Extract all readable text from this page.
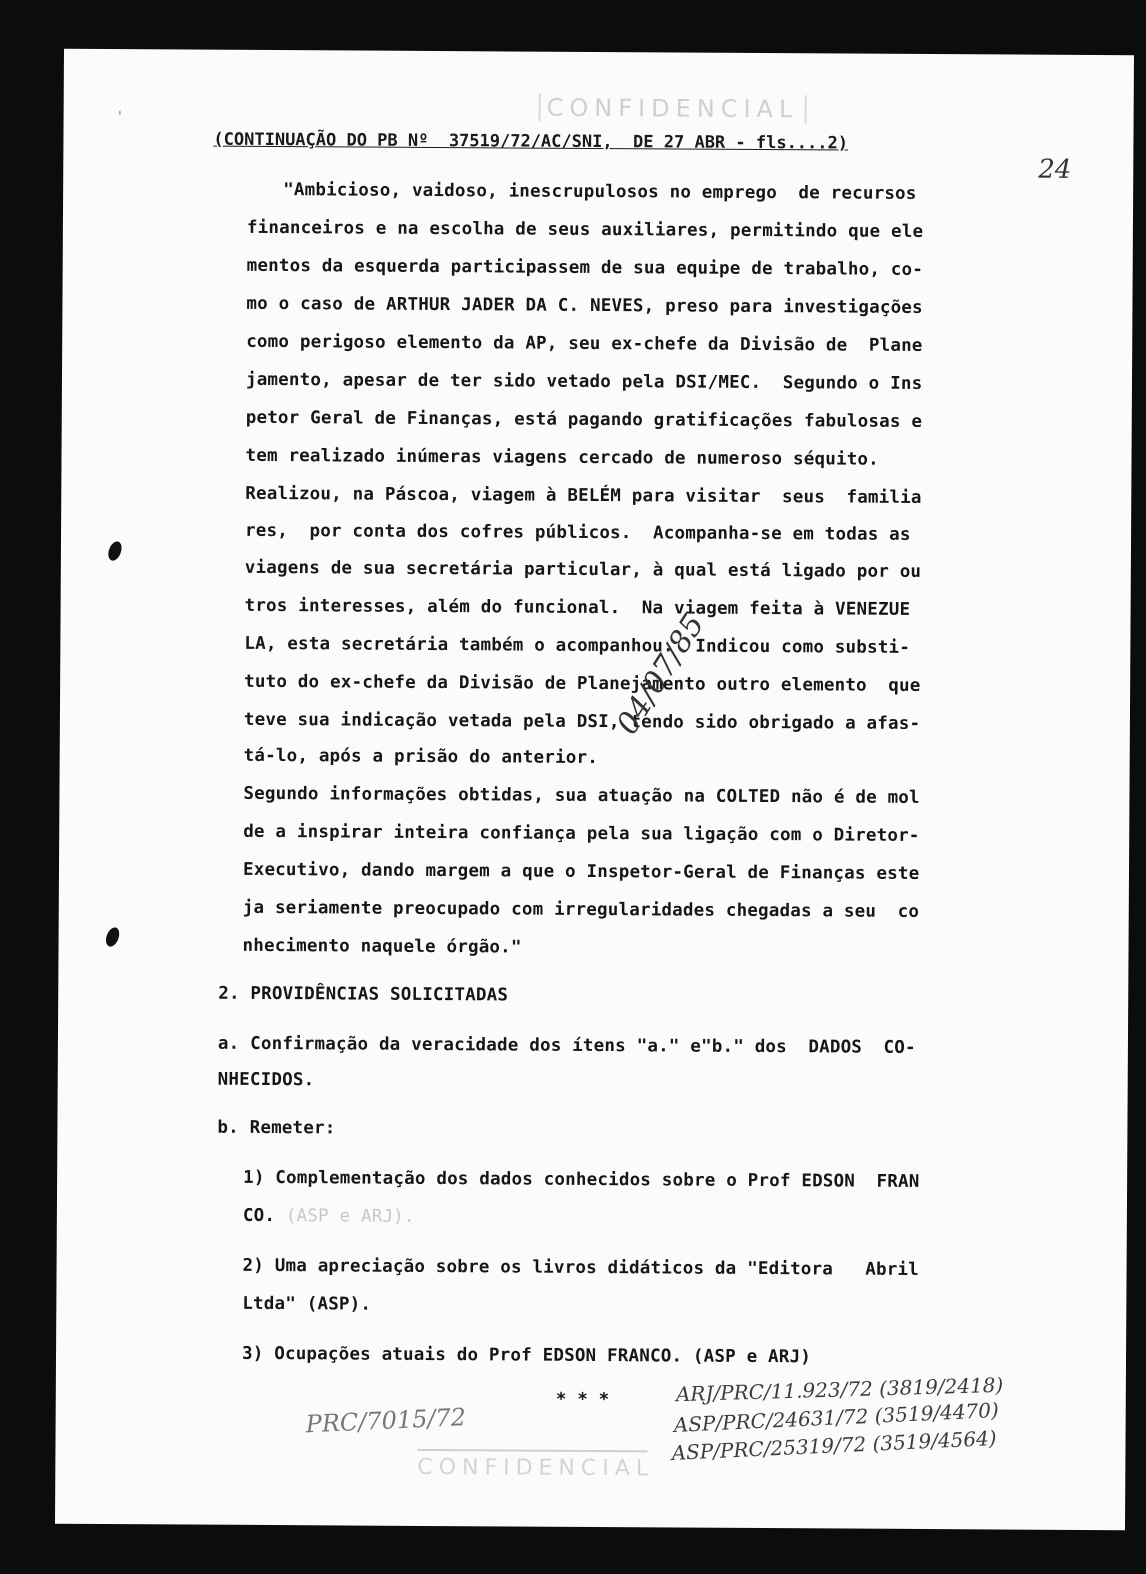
'	CONFIDENCIAL
(CONTINUAÇÃO DO PB Nº  37519/72/AC/SNI,  DE 27 ABR - fls....2)
24
"Ambicioso, vaidoso, inescrupulosos no emprego  de recursos
financeiros e na escolha de seus auxiliares, permitindo que ele
mentos da esquerda participassem de sua equipe de trabalho, co-
mo o caso de ARTHUR JADER DA C. NEVES, preso para investigações
como perigoso elemento da AP, seu ex-chefe da Divisão de  Plane
jamento, apesar de ter sido vetado pela DSI/MEC.  Segundo o Ins
petor Geral de Finanças, está pagando gratificações fabulosas e
tem realizado inúmeras viagens cercado de numeroso séquito.
Realizou, na Páscoa, viagem à BELÉM para visitar  seus  familia
res,  por conta dos cofres públicos.  Acompanha-se em todas as
viagens de sua secretária particular, à qual está ligado por ou
tros interesses, além do funcional.  Na viagem feita à VENEZUE
LA, esta secretária também o acompanhou.  Indicou como substi-
tuto do ex-chefe da Divisão de Planejamento outro elemento  que
teve sua indicação vetada pela DSI, tendo sido obrigado a afas-
tá-lo, após a prisão do anterior.
Segundo informações obtidas, sua atuação na COLTED não é de mol
de a inspirar inteira confiança pela sua ligação com o Diretor-
Executivo, dando margem a que o Inspetor-Geral de Finanças este
ja seriamente preocupado com irregularidades chegadas a seu  co
nhecimento naquele órgão."
04/07/85
2. PROVIDÊNCIAS SOLICITADAS
a. Confirmação da veracidade dos ítens "a." e"b." dos  DADOS  CO-
NHECIDOS.
b. Remeter:
1) Complementação dos dados conhecidos sobre o Prof EDSON  FRAN
CO. (ASP e ARJ).
2) Uma apreciação sobre os livros didáticos da "Editora   Abril
Ltda" (ASP).
3) Ocupações atuais do Prof EDSON FRANCO. (ASP e ARJ)
* * *
PRC/7015/72
ARJ/PRC/11.923/72 (3819/2418)
ASP/PRC/24631/72 (3519/4470)
ASP/PRC/25319/72 (3519/4564)
CONFIDENCIAL
